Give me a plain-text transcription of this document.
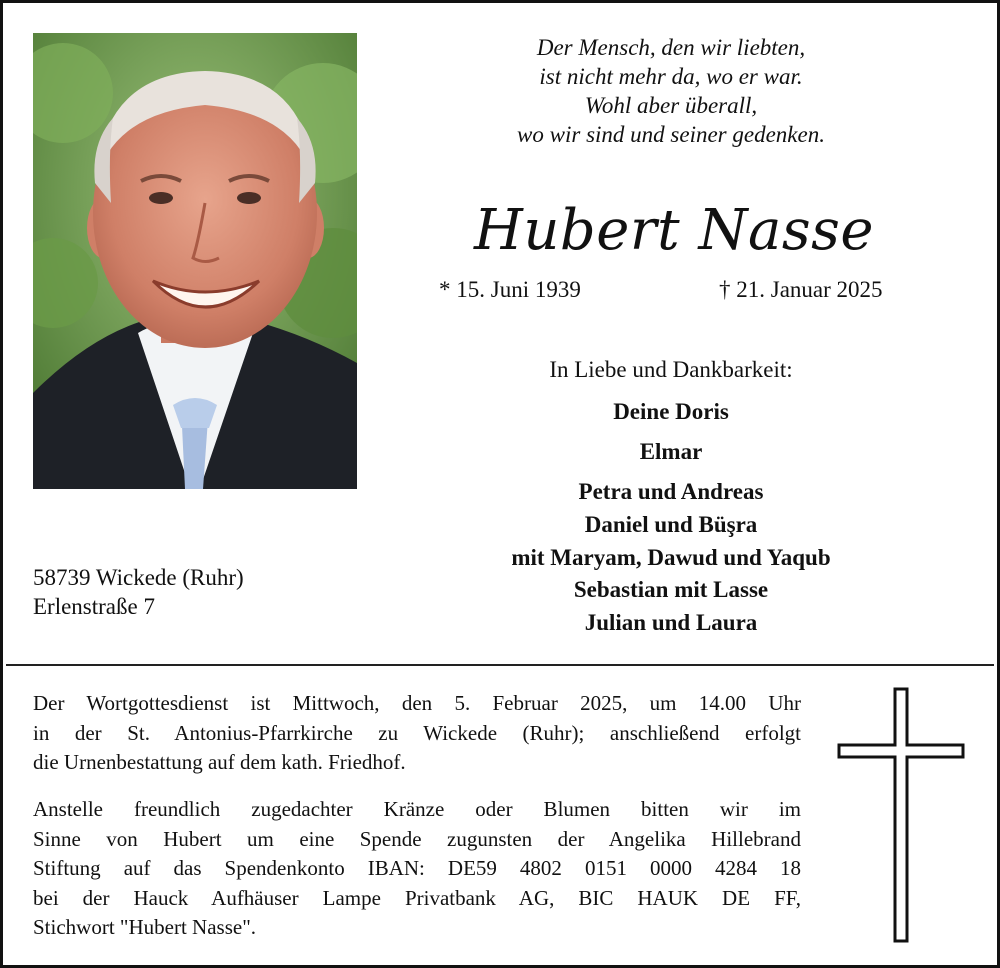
Der Mensch, den wir liebten,
ist nicht mehr da, wo er war.
Wohl aber überall,
wo wir sind und seiner gedenken.
Hubert Nasse
* 15. Juni 1939	† 21. Januar 2025
In Liebe und Dankbarkeit:
Deine Doris
Elmar
Petra und Andreas
Daniel und Büşra
mit Maryam, Dawud und Yaqub
Sebastian mit Lasse
Julian und Laura
58739 Wickede (Ruhr)
Erlenstraße 7
Der Wortgottesdienst ist Mittwoch, den 5. Februar 2025, um 14.00 Uhr
in der St. Antonius-Pfarrkirche zu Wickede (Ruhr); anschließend erfolgt
die Urnenbestattung auf dem kath. Friedhof.
Anstelle freundlich zugedachter Kränze oder Blumen bitten wir im
Sinne von Hubert um eine Spende zugunsten der Angelika Hillebrand
Stiftung auf das Spendenkonto IBAN: DE59 4802 0151 0000 4284 18
bei der Hauck Aufhäuser Lampe Privatbank AG, BIC HAUK DE FF,
Stichwort "Hubert Nasse".
